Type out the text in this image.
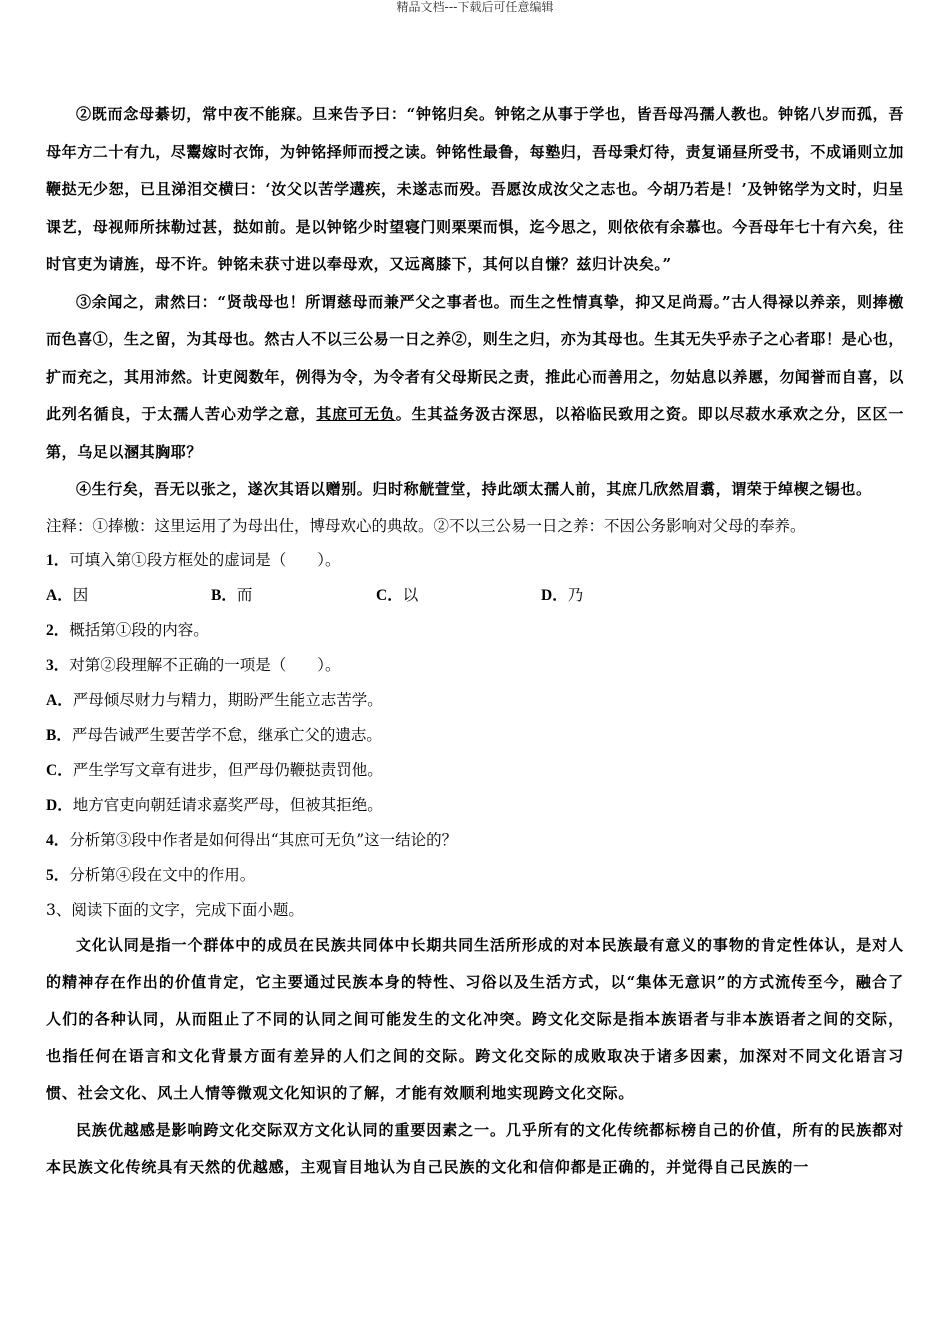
精品文档---下载后可任意编辑

②既而念母綦切，常中夜不能寐。旦来告予曰：“钟铭归矣。钟铭之从事于学也，皆吾母冯孺人教也。钟铭八岁而孤，吾母年方二十有九，尽鬻嫁时衣饰，为钟铭择师而授之读。钟铭性最鲁，每塾归，吾母秉灯待，责复诵昼所受书，不成诵则立加鞭挞无少恕，已且涕泪交横曰：‘汝父以苦学遘疾，未遂志而殁。吾愿汝成汝父之志也。今胡乃若是！’及钟铭学为文时，归呈课艺，母视师所抹勒过甚，挞如前。是以钟铭少时望寝门则栗栗而惧，迄今思之，则依依有余慕也。今吾母年七十有六矣，往时官吏为请旌，母不许。钟铭未获寸进以奉母欢，又远离膝下，其何以自慊？兹归计决矣。”

③余闻之，肃然曰：“贤哉母也！所谓慈母而兼严父之事者也。而生之性情真挚，抑又足尚焉。”古人得禄以养亲，则捧檄而色喜①，生之留，为其母也。然古人不以三公易一日之养②，则生之归，亦为其母也。生其无失乎赤子之心者耶！是心也，扩而充之，其用沛然。计吏阅数年，例得为令，为令者有父母斯民之责，推此心而善用之，勿姑息以养慝，勿闻誉而自喜，以此列名循良，于太孺人苦心劝学之意，其庶可无负。生其益务汲古深思，以裕临民致用之资。即以尽菽水承欢之分，区区一第，乌足以溷其胸耶？

④生行矣，吾无以张之，遂次其语以赠别。归时称觥萱堂，持此颂太孺人前，其庶几欣然眉翥，谓荣于绰楔之锡也。

注释：①捧檄：这里运用了为母出仕，博母欢心的典故。②不以三公易一日之养：不因公务影响对父母的奉养。

1．可填入第①段方框处的虚词是（　　）。

A．因	B．而	C．以	D．乃

2．概括第①段的内容。

3．对第②段理解不正确的一项是（　　）。

A．严母倾尽财力与精力，期盼严生能立志苦学。

B．严母告诫严生要苦学不怠，继承亡父的遗志。

C．严生学写文章有进步，但严母仍鞭挞责罚他。

D．地方官吏向朝廷请求嘉奖严母，但被其拒绝。

4．分析第③段中作者是如何得出“其庶可无负”这一结论的？

5．分析第④段在文中的作用。

3、阅读下面的文字，完成下面小题。

文化认同是指一个群体中的成员在民族共同体中长期共同生活所形成的对本民族最有意义的事物的肯定性体认，是对人的精神存在作出的价值肯定，它主要通过民族本身的特性、习俗以及生活方式，以“集体无意识”的方式流传至今，融合了人们的各种认同，从而阻止了不同的认同之间可能发生的文化冲突。跨文化交际是指本族语者与非本族语者之间的交际，也指任何在语言和文化背景方面有差异的人们之间的交际。跨文化交际的成败取决于诸多因素，加深对不同文化语言习惯、社会文化、风土人情等微观文化知识的了解，才能有效顺利地实现跨文化交际。

民族优越感是影响跨文化交际双方文化认同的重要因素之一。几乎所有的文化传统都标榜自己的价值，所有的民族都对本民族文化传统具有天然的优越感，主观盲目地认为自己民族的文化和信仰都是正确的，并觉得自己民族的一
